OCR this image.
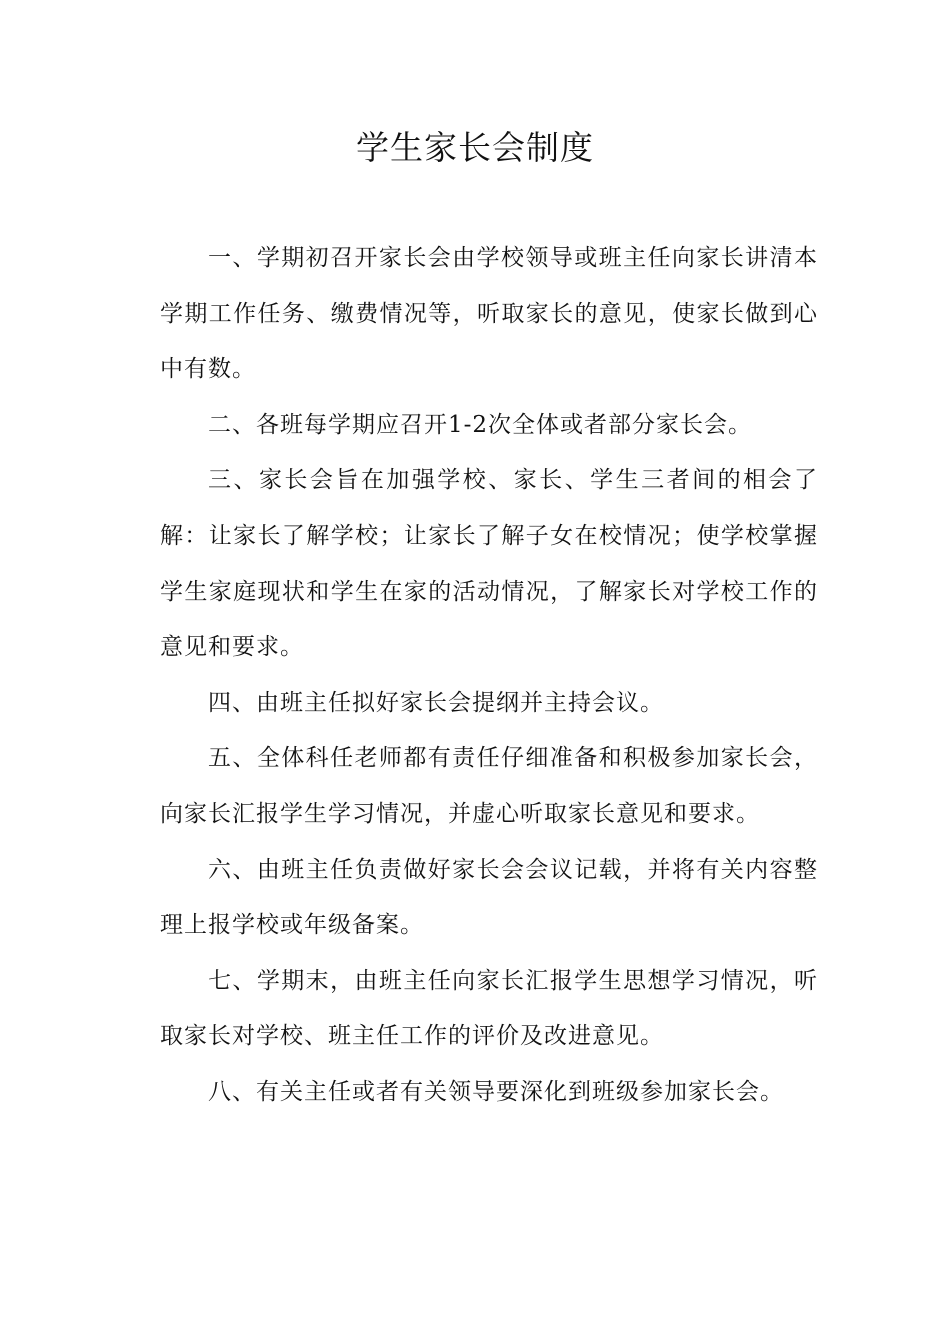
学生家长会制度

一、学期初召开家长会由学校领导或班主任向家长讲清本学期工作任务、缴费情况等，听取家长的意见，使家长做到心中有数。

二、各班每学期应召开1-2次全体或者部分家长会。

三、家长会旨在加强学校、家长、学生三者间的相会了解：让家长了解学校；让家长了解子女在校情况；使学校掌握学生家庭现状和学生在家的活动情况，了解家长对学校工作的意见和要求。

四、由班主任拟好家长会提纲并主持会议。

五、全体科任老师都有责任仔细准备和积极参加家长会，向家长汇报学生学习情况，并虚心听取家长意见和要求。

六、由班主任负责做好家长会会议记载，并将有关内容整理上报学校或年级备案。

七、学期末，由班主任向家长汇报学生思想学习情况，听取家长对学校、班主任工作的评价及改进意见。

八、有关主任或者有关领导要深化到班级参加家长会。
